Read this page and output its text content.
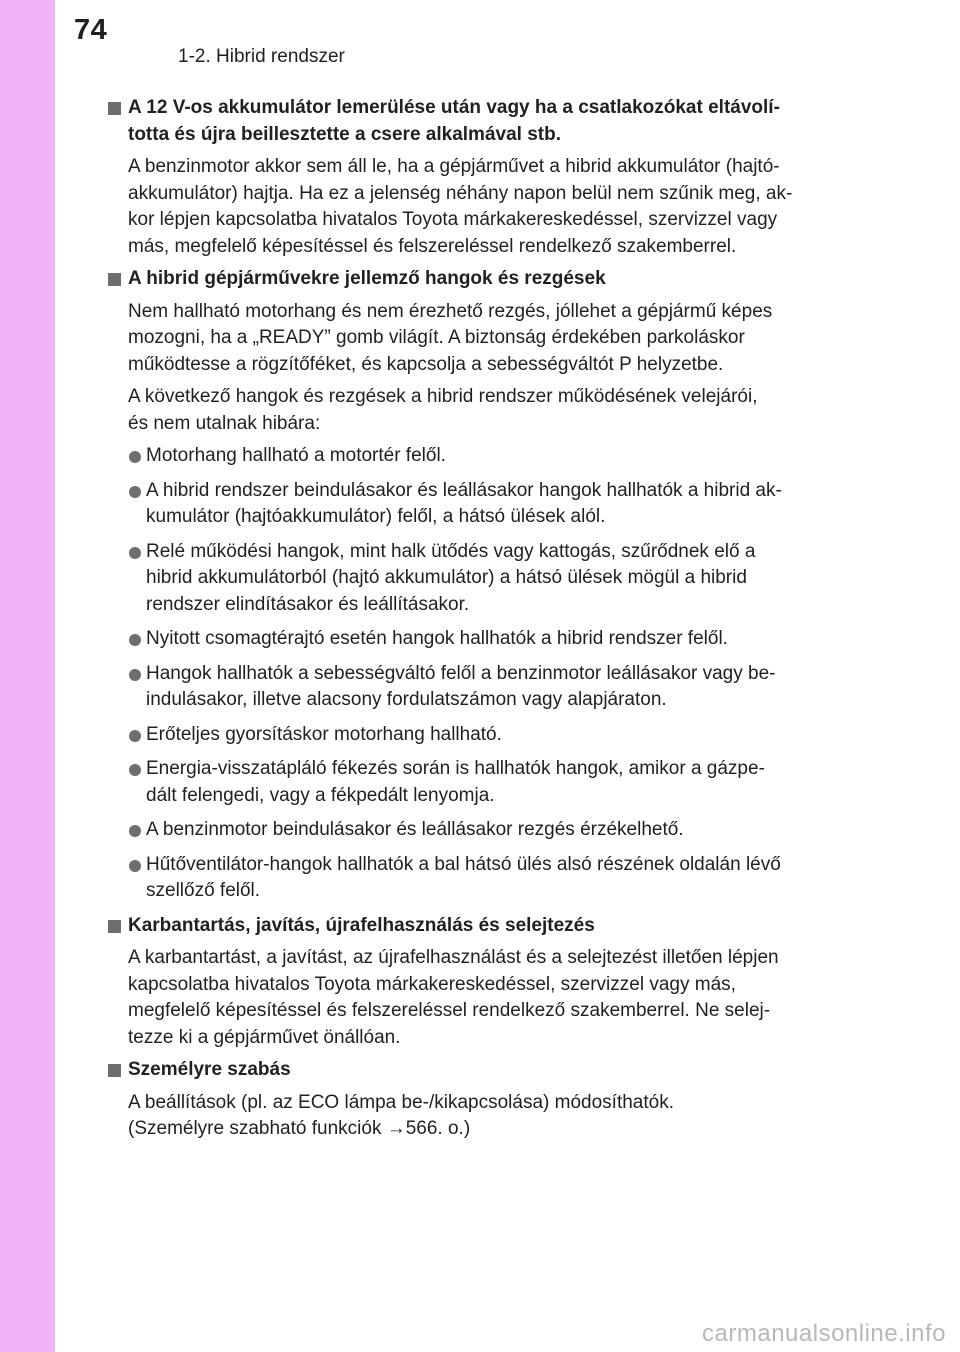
74
1-2. Hibrid rendszer
A 12 V-os akkumulátor lemerülése után vagy ha a csatlakozókat eltávolí-
totta és újra beillesztette a csere alkalmával stb.
A benzinmotor akkor sem áll le, ha a gépjárművet a hibrid akkumulátor (hajtó-
akkumulátor) hajtja. Ha ez a jelenség néhány napon belül nem szűnik meg, ak-
kor lépjen kapcsolatba hivatalos Toyota márkakereskedéssel, szervizzel vagy
más, megfelelő képesítéssel és felszereléssel rendelkező szakemberrel.
A hibrid gépjárművekre jellemző hangok és rezgések
Nem hallható motorhang és nem érezhető rezgés, jóllehet a gépjármű képes
mozogni, ha a „READY” gomb világít. A biztonság érdekében parkoláskor
működtesse a rögzítőféket, és kapcsolja a sebességváltót P helyzetbe.
A következő hangok és rezgések a hibrid rendszer működésének velejárói,
és nem utalnak hibára:
Motorhang hallható a motortér felől.
A hibrid rendszer beindulásakor és leállásakor hangok hallhatók a hibrid ak-
kumulátor (hajtóakkumulátor) felől, a hátsó ülések alól.
Relé működési hangok, mint halk ütődés vagy kattogás, szűrődnek elő a
hibrid akkumulátorból (hajtó akkumulátor) a hátsó ülések mögül a hibrid
rendszer elindításakor és leállításakor.
Nyitott csomagtérajtó esetén hangok hallhatók a hibrid rendszer felől.
Hangok hallhatók a sebességváltó felől a benzinmotor leállásakor vagy be-
indulásakor, illetve alacsony fordulatszámon vagy alapjáraton.
Erőteljes gyorsításkor motorhang hallható.
Energia-visszatápláló fékezés során is hallhatók hangok, amikor a gázpe-
dált felengedi, vagy a fékpedált lenyomja.
A benzinmotor beindulásakor és leállásakor rezgés érzékelhető.
Hűtőventilátor-hangok hallhatók a bal hátsó ülés alsó részének oldalán lévő
szellőző felől.
Karbantartás, javítás, újrafelhasználás és selejtezés
A karbantartást, a javítást, az újrafelhasználást és a selejtezést illetően lépjen
kapcsolatba hivatalos Toyota márkakereskedéssel, szervizzel vagy más,
megfelelő képesítéssel és felszereléssel rendelkező szakemberrel. Ne selej-
tezze ki a gépjárművet önállóan.
Személyre szabás
A beállítások (pl. az ECO lámpa be-/kikapcsolása) módosíthatók.
(Személyre szabható funkciók →566. o.)
carmanualsonline.info
